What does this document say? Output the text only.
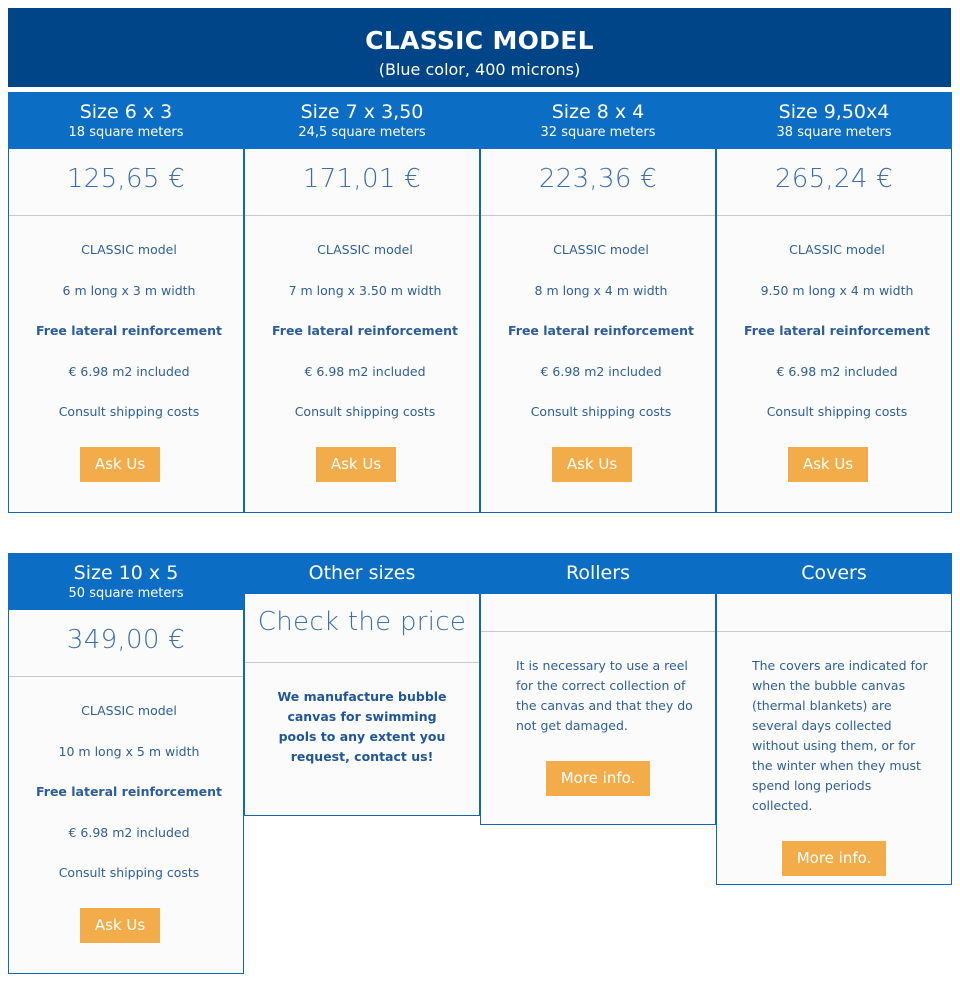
CLASSIC MODEL
(Blue color, 400 microns)
Size 6 x 3
18 square meters
125,65 €
CLASSIC model
6 m long x 3 m width
Free lateral reinforcement
€ 6.98 m2 included
Consult shipping costs
Ask Us
Size 7 x 3,50
24,5 square meters
171,01 €
CLASSIC model
7 m long x 3.50 m width
Free lateral reinforcement
€ 6.98 m2 included
Consult shipping costs
Ask Us
Size 8 x 4
32 square meters
223,36 €
CLASSIC model
8 m long x 4 m width
Free lateral reinforcement
€ 6.98 m2 included
Consult shipping costs
Ask Us
Size 9,50x4
38 square meters
265,24 €
CLASSIC model
9.50 m long x 4 m width
Free lateral reinforcement
€ 6.98 m2 included
Consult shipping costs
Ask Us
Size 10 x 5
50 square meters
349,00 €
CLASSIC model
10 m long x 5 m width
Free lateral reinforcement
€ 6.98 m2 included
Consult shipping costs
Ask Us
Other sizes
Check the price
We manufacture bubble canvas for swimming pools to any extent you request, contact us!
Rollers
It is necessary to use a reel for the correct collection of the canvas and that they do not get damaged.
More info.
Covers
The covers are indicated for when the bubble canvas (thermal blankets) are several days collected without using them, or for the winter when they must spend long periods collected.
More info.
